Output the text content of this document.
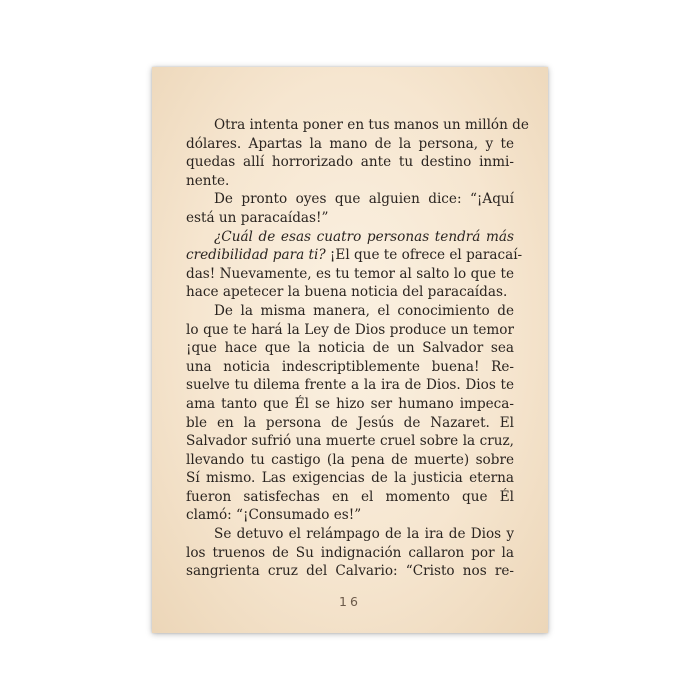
Otra intenta poner en tus manos un millón de
dólares. Apartas la mano de la persona, y te
quedas allí horrorizado ante tu destino inmi-
nente.
De pronto oyes que alguien dice: “¡Aquí
está un paracaídas!”
¿Cuál de esas cuatro personas tendrá más
credibilidad para ti? ¡El que te ofrece el paracaí-
das! Nuevamente, es tu temor al salto lo que te
hace apetecer la buena noticia del paracaídas.
De la misma manera, el conocimiento de
lo que te hará la Ley de Dios produce un temor
¡que hace que la noticia de un Salvador sea
una noticia indescriptiblemente buena! Re-
suelve tu dilema frente a la ira de Dios. Dios te
ama tanto que Él se hizo ser humano impeca-
ble en la persona de Jesús de Nazaret. El
Salvador sufrió una muerte cruel sobre la cruz,
llevando tu castigo (la pena de muerte) sobre
Sí mismo. Las exigencias de la justicia eterna
fueron satisfechas en el momento que Él
clamó: “¡Consumado es!”
Se detuvo el relámpago de la ira de Dios y
los truenos de Su indignación callaron por la
sangrienta cruz del Calvario: “Cristo nos re-
16
